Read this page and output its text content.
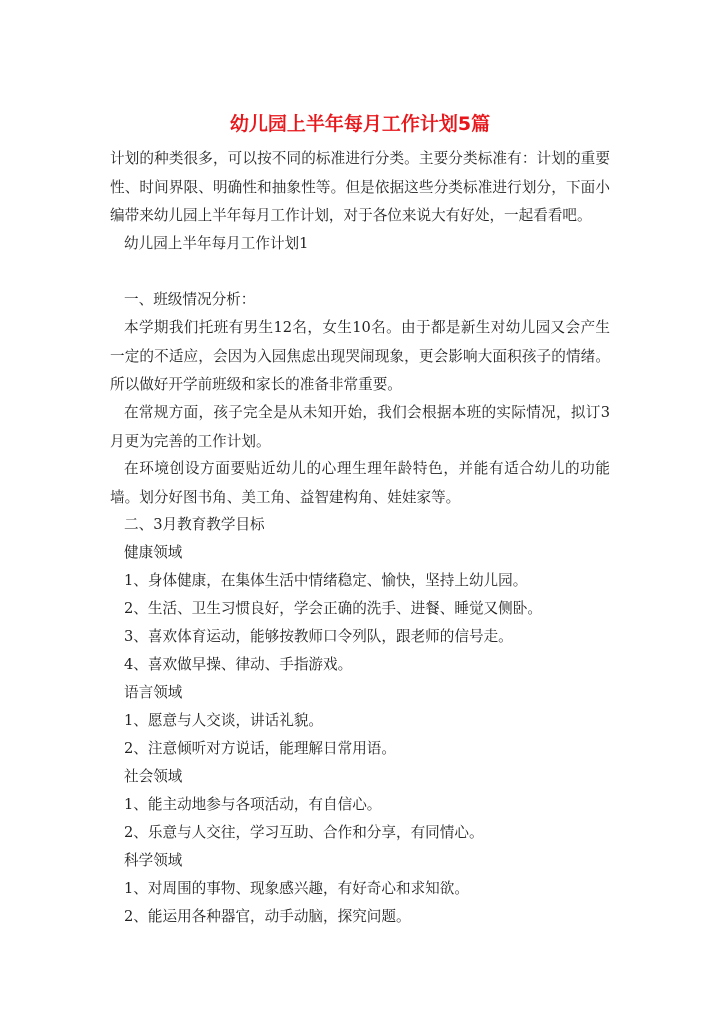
幼儿园上半年每月工作计划5篇

计划的种类很多，可以按不同的标准进行分类。主要分类标准有：计划的重要性、时间界限、明确性和抽象性等。但是依据这些分类标准进行划分，下面小编带来幼儿园上半年每月工作计划，对于各位来说大有好处，一起看看吧。

幼儿园上半年每月工作计划1

一、班级情况分析：

本学期我们托班有男生12名，女生10名。由于都是新生对幼儿园又会产生一定的不适应，会因为入园焦虑出现哭闹现象，更会影响大面积孩子的情绪。所以做好开学前班级和家长的准备非常重要。

在常规方面，孩子完全是从未知开始，我们会根据本班的实际情况，拟订3月更为完善的工作计划。

在环境创设方面要贴近幼儿的心理生理年龄特色，并能有适合幼儿的功能墙。划分好图书角、美工角、益智建构角、娃娃家等。

二、3月教育教学目标

健康领域

1、身体健康，在集体生活中情绪稳定、愉快，坚持上幼儿园。

2、生活、卫生习惯良好，学会正确的洗手、进餐、睡觉又侧卧。

3、喜欢体育运动，能够按教师口令列队，跟老师的信号走。

4、喜欢做早操、律动、手指游戏。

语言领域

1、愿意与人交谈，讲话礼貌。

2、注意倾听对方说话，能理解日常用语。

社会领域

1、能主动地参与各项活动，有自信心。

2、乐意与人交往，学习互助、合作和分享，有同情心。

科学领域

1、对周围的事物、现象感兴趣，有好奇心和求知欲。

2、能运用各种器官，动手动脑，探究问题。
